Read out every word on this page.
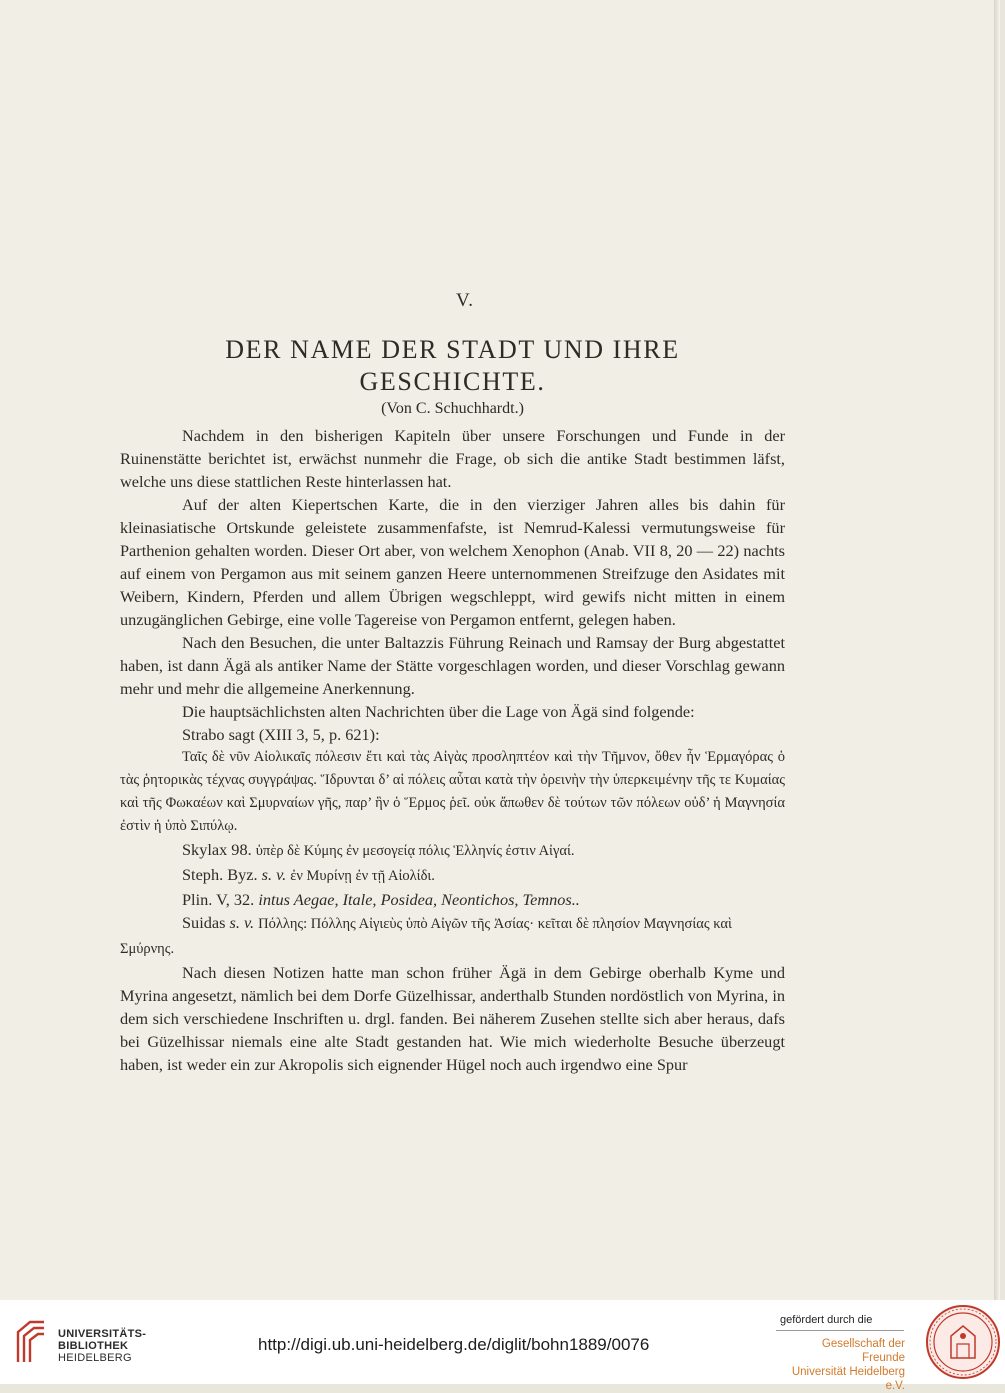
V.
DER NAME DER STADT UND IHRE
GESCHICHTE.
(Von C. Schuchhardt.)

Nachdem in den bisherigen Kapiteln über unsere Forschungen und Funde in der Ruinenstätte berichtet ist, erwächst nunmehr die Frage, ob sich die antike Stadt bestimmen läfst, welche uns diese stattlichen Reste hinterlassen hat.

Auf der alten Kiepertschen Karte, die in den vierziger Jahren alles bis dahin für kleinasiatische Ortskunde geleistete zusammenfafste, ist Nemrud-Kalessi vermutungsweise für Parthenion gehalten worden. Dieser Ort aber, von welchem Xenophon (Anab. VII 8, 20 — 22) nachts auf einem von Pergamon aus mit seinem ganzen Heere unternommenen Streifzuge den Asidates mit Weibern, Kindern, Pferden und allem Übrigen wegschleppt, wird gewifs nicht mitten in einem unzugänglichen Gebirge, eine volle Tagereise von Pergamon entfernt, gelegen haben.

Nach den Besuchen, die unter Baltazzis Führung Reinach und Ramsay der Burg abgestattet haben, ist dann Ägä als antiker Name der Stätte vorgeschlagen worden, und dieser Vorschlag gewann mehr und mehr die allgemeine Anerkennung.

Die hauptsächlichsten alten Nachrichten über die Lage von Ägä sind folgende:

Strabo sagt (XIII 3, 5, p. 621):

Ταῖς δὲ νῦν Αἰολικαῖς πόλεσιν ἔτι καὶ τὰς Αἰγὰς προσληπτέον καὶ τὴν Τῆμνον, ὅθεν ἦν Ἑρμαγόρας ὁ τὰς ῥητορικὰς τέχνας συγγράψας. Ἵδρυνται δ’ αἱ πόλεις αὗται κατὰ τὴν ὀρεινὴν τὴν ὑπερκειμένην τῆς τε Κυμαίας καὶ τῆς Φωκαέων καὶ Σμυρναίων γῆς, παρ’ ἣν ὁ Ἕρμος ῥεῖ. οὐκ ἄπωθεν δὲ τούτων τῶν πόλεων οὐδ’ ἡ Μαγνησία ἐστὶν ἡ ὑπὸ Σιπύλῳ.

Skylax 98. ὑπὲρ δὲ Κύμης ἐν μεσογείᾳ πόλις Ἑλληνίς ἐστιν Αἰγαί.

Steph. Byz. s. v. ἐν Μυρίνῃ ἐν τῇ Αἰολίδι.

Plin. V, 32. intus Aegae, Itale, Posidea, Neontichos, Temnos..

Suidas s. v. Πόλλης: Πόλλης Αἰγιεὺς ὑπὸ Αἰγῶν τῆς Ἀσίας· κεῖται δὲ πλησίον Μαγνησίας καὶ Σμύρνης.

Nach diesen Notizen hatte man schon früher Ägä in dem Gebirge oberhalb Kyme und Myrina angesetzt, nämlich bei dem Dorfe Güzelhissar, anderthalb Stunden nordöstlich von Myrina, in dem sich verschiedene Inschriften u. drgl. fanden. Bei näherem Zusehen stellte sich aber heraus, dafs bei Güzelhissar niemals eine alte Stadt gestanden hat. Wie mich wiederholte Besuche überzeugt haben, ist weder ein zur Akropolis sich eignender Hügel noch auch irgendwo eine Spur

UNIVERSITÄTS-
BIBLIOTHEK
HEIDELBERG
http://digi.ub.uni-heidelberg.de/diglit/bohn1889/0076
gefördert durch die
Gesellschaft der Freunde
Universität Heidelberg e.V.
